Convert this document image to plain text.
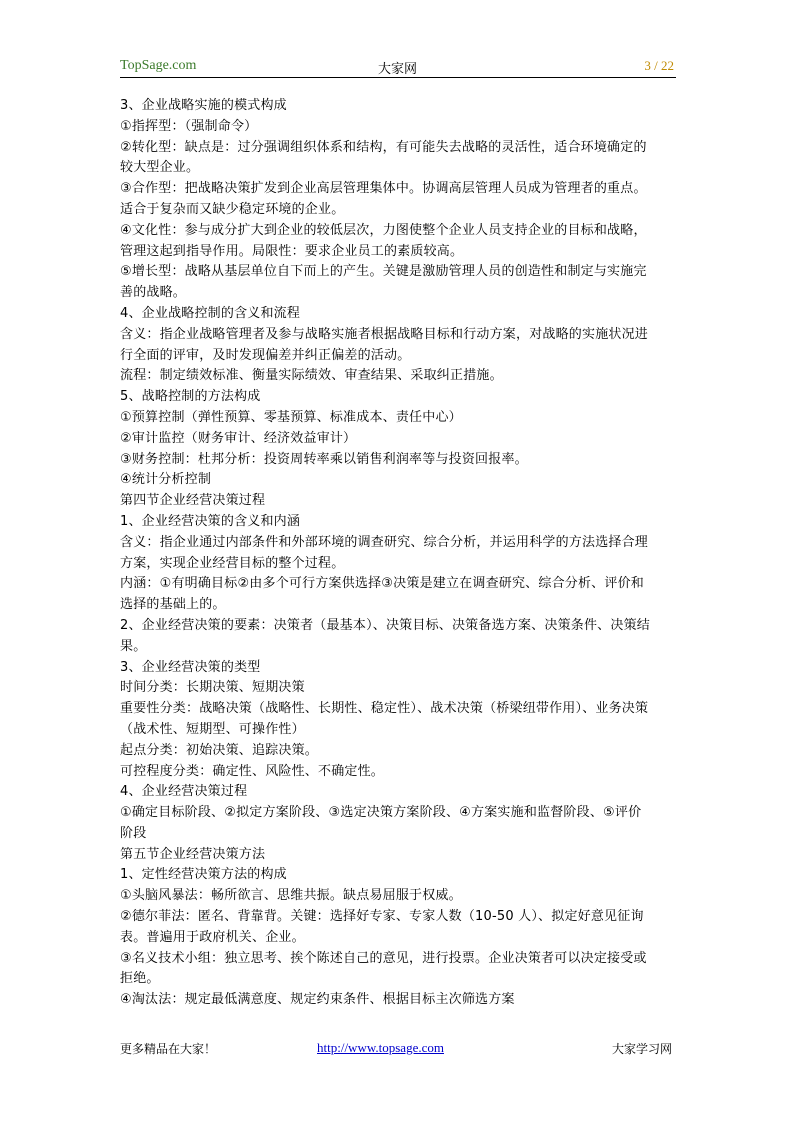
TopSage.com	大家网	3 / 22
3、企业战略实施的模式构成
①指挥型：（强制命令）
②转化型：缺点是：过分强调组织体系和结构，有可能失去战略的灵活性，适合环境确定的
较大型企业。
③合作型：把战略决策扩发到企业高层管理集体中。协调高层管理人员成为管理者的重点。
适合于复杂而又缺少稳定环境的企业。
④文化性：参与成分扩大到企业的较低层次，力图使整个企业人员支持企业的目标和战略，
管理这起到指导作用。局限性：要求企业员工的素质较高。
⑤增长型：战略从基层单位自下而上的产生。关键是激励管理人员的创造性和制定与实施完
善的战略。
4、企业战略控制的含义和流程
含义：指企业战略管理者及参与战略实施者根据战略目标和行动方案，对战略的实施状况进
行全面的评审，及时发现偏差并纠正偏差的活动。
流程：制定绩效标准、衡量实际绩效、审查结果、采取纠正措施。
5、战略控制的方法构成
①预算控制（弹性预算、零基预算、标准成本、责任中心）
②审计监控（财务审计、经济效益审计）
③财务控制：杜邦分析：投资周转率乘以销售利润率等与投资回报率。
④统计分析控制
第四节企业经营决策过程
1、企业经营决策的含义和内涵
含义：指企业通过内部条件和外部环境的调查研究、综合分析，并运用科学的方法选择合理
方案，实现企业经营目标的整个过程。
内涵：①有明确目标②由多个可行方案供选择③决策是建立在调查研究、综合分析、评价和
选择的基础上的。
2、企业经营决策的要素：决策者（最基本）、决策目标、决策备选方案、决策条件、决策结
果。
3、企业经营决策的类型
时间分类：长期决策、短期决策
重要性分类：战略决策（战略性、长期性、稳定性）、战术决策（桥梁纽带作用）、业务决策
（战术性、短期型、可操作性）
起点分类：初始决策、追踪决策。
可控程度分类：确定性、风险性、不确定性。
4、企业经营决策过程
①确定目标阶段、②拟定方案阶段、③选定决策方案阶段、④方案实施和监督阶段、⑤评价
阶段
第五节企业经营决策方法
1、定性经营决策方法的构成
①头脑风暴法：畅所欲言、思维共振。缺点易屈服于权威。
②德尔菲法：匿名、背靠背。关键：选择好专家、专家人数（10-50 人）、拟定好意见征询
表。普遍用于政府机关、企业。
③名义技术小组：独立思考、挨个陈述自己的意见，进行投票。企业决策者可以决定接受或
拒绝。
④淘汰法：规定最低满意度、规定约束条件、根据目标主次筛选方案
更多精品在大家！	http://www.topsage.com	大家学习网
